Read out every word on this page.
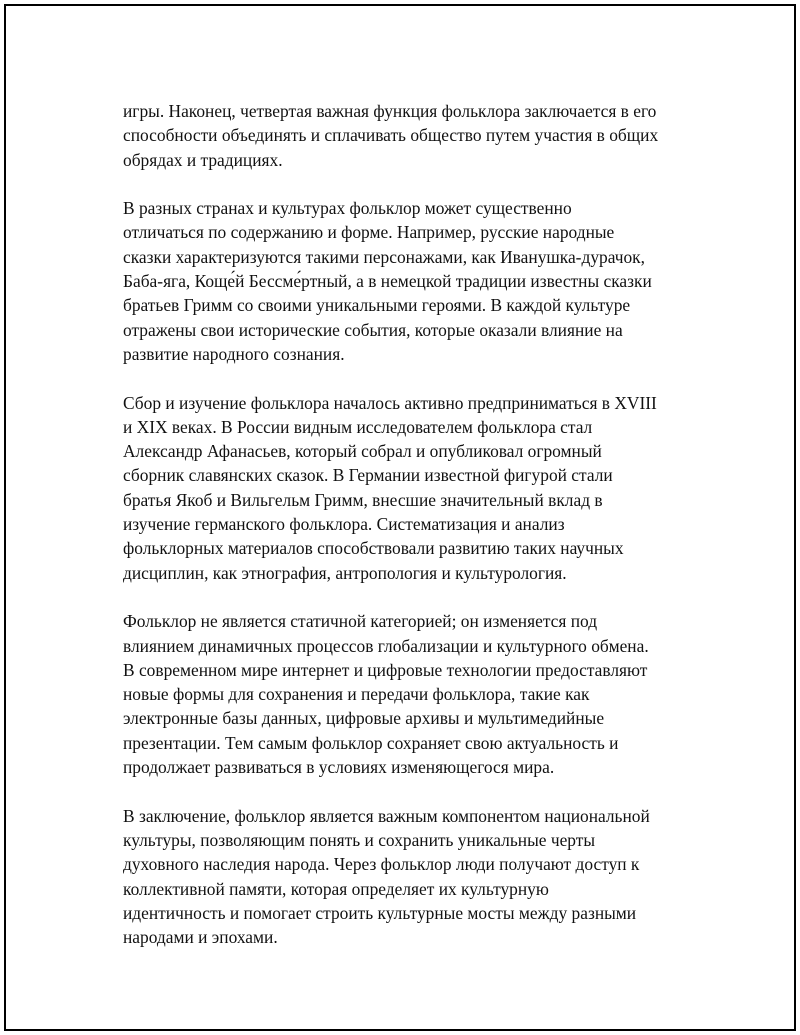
игры. Наконец, четвертая важная функция фольклора заключается в его
способности объединять и сплачивать общество путем участия в общих
обрядах и традициях.

В разных странах и культурах фольклор может существенно
отличаться по содержанию и форме. Например, русские народные
сказки характеризуются такими персонажами, как Иванушка-дурачок,
Баба-яга, Коще́й Бессме́ртный, а в немецкой традиции известны сказки
братьев Гримм со своими уникальными героями. В каждой культуре
отражены свои исторические события, которые оказали влияние на
развитие народного сознания.

Сбор и изучение фольклора началось активно предприниматься в XVIII
и XIX веках. В России видным исследователем фольклора стал
Александр Афанасьев, который собрал и опубликовал огромный
сборник славянских сказок. В Германии известной фигурой стали
братья Якоб и Вильгельм Гримм, внесшие значительный вклад в
изучение германского фольклора. Систематизация и анализ
фольклорных материалов способствовали развитию таких научных
дисциплин, как этнография, антропология и культурология.

Фольклор не является статичной категорией; он изменяется под
влиянием динамичных процессов глобализации и культурного обмена.
В современном мире интернет и цифровые технологии предоставляют
новые формы для сохранения и передачи фольклора, такие как
электронные базы данных, цифровые архивы и мультимедийные
презентации. Тем самым фольклор сохраняет свою актуальность и
продолжает развиваться в условиях изменяющегося мира.

В заключение, фольклор является важным компонентом национальной
культуры, позволяющим понять и сохранить уникальные черты
духовного наследия народа. Через фольклор люди получают доступ к
коллективной памяти, которая определяет их культурную
идентичность и помогает строить культурные мосты между разными
народами и эпохами.
